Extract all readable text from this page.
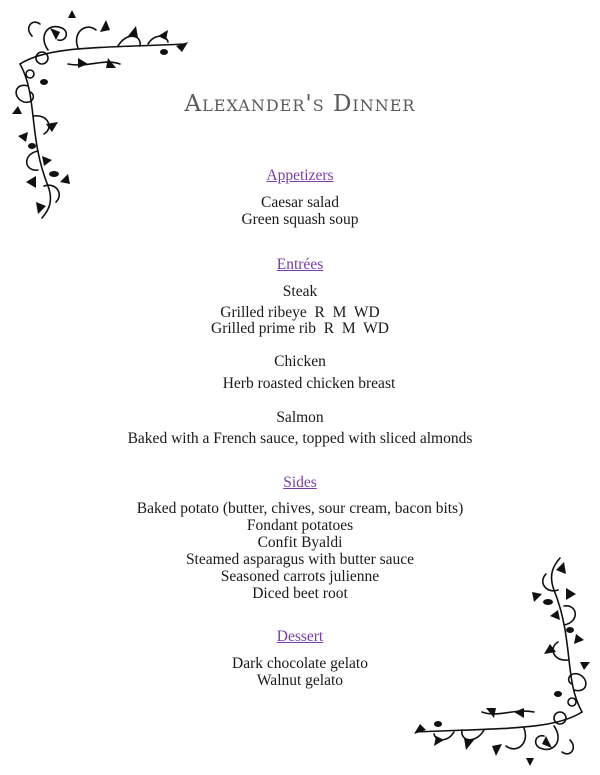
Alexander's Dinner
Appetizers
Caesar salad
Green squash soup
Entrées
Steak
Grilled ribeye  R  M  WD
Grilled prime rib  R  M  WD
Chicken
Herb roasted chicken breast
Salmon
Baked with a French sauce, topped with sliced almonds
Sides
Baked potato (butter, chives, sour cream, bacon bits)
Fondant potatoes
Confit Byaldi
Steamed asparagus with butter sauce
Seasoned carrots julienne
Diced beet root
Dessert
Dark chocolate gelato
Walnut gelato
